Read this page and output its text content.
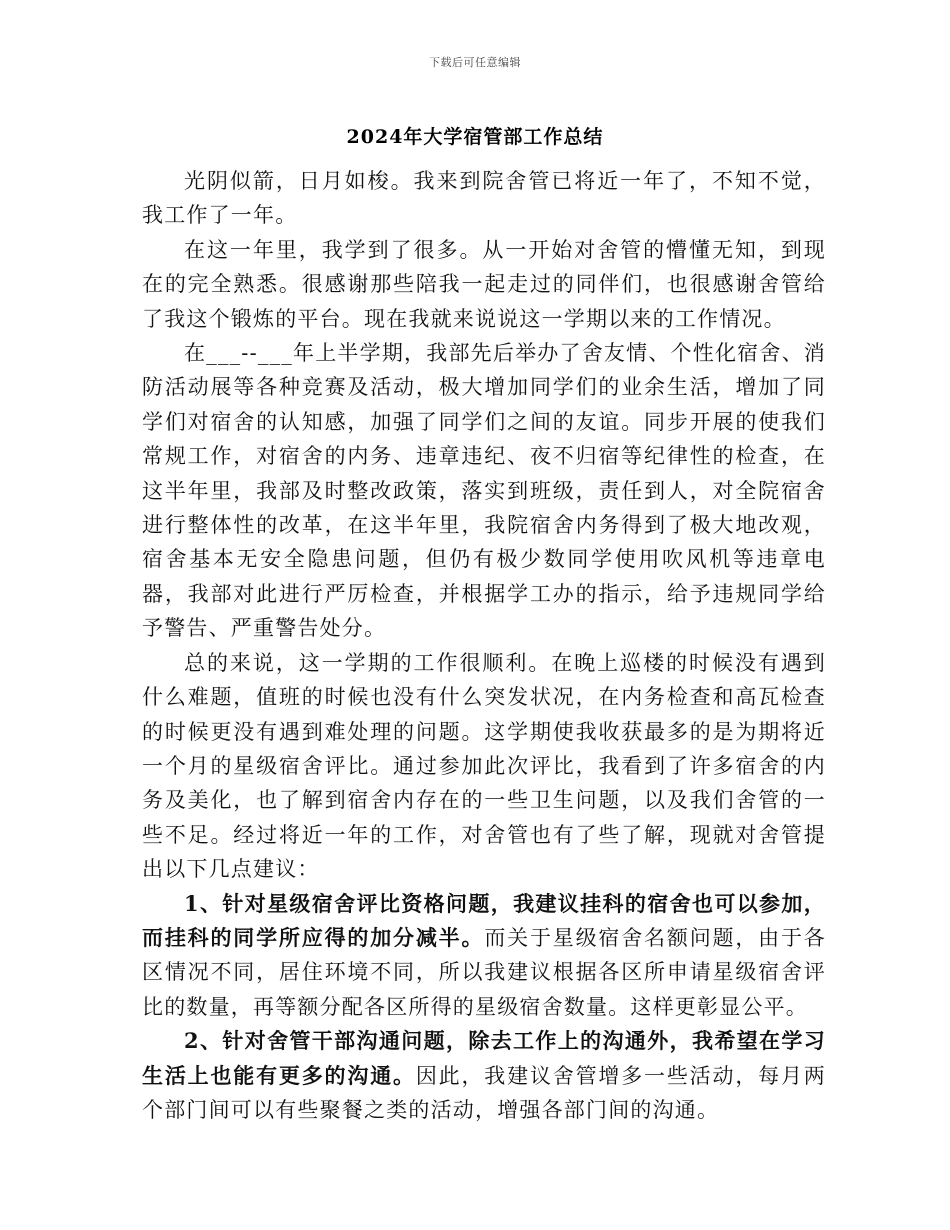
下载后可任意编辑
2024年大学宿管部工作总结

光阴似箭，日月如梭。我来到院舍管已将近一年了，不知不觉，我工作了一年。

在这一年里，我学到了很多。从一开始对舍管的懵懂无知，到现在的完全熟悉。很感谢那些陪我一起走过的同伴们，也很感谢舍管给了我这个锻炼的平台。现在我就来说说这一学期以来的工作情况。

在___--___年上半学期，我部先后举办了舍友情、个性化宿舍、消防活动展等各种竞赛及活动，极大增加同学们的业余生活，增加了同学们对宿舍的认知感，加强了同学们之间的友谊。同步开展的使我们常规工作，对宿舍的内务、违章违纪、夜不归宿等纪律性的检查，在这半年里，我部及时整改政策，落实到班级，责任到人，对全院宿舍进行整体性的改革，在这半年里，我院宿舍内务得到了极大地改观，宿舍基本无安全隐患问题，但仍有极少数同学使用吹风机等违章电器，我部对此进行严厉检查，并根据学工办的指示，给予违规同学给予警告、严重警告处分。

总的来说，这一学期的工作很顺利。在晚上巡楼的时候没有遇到什么难题，值班的时候也没有什么突发状况，在内务检查和高瓦检查的时候更没有遇到难处理的问题。这学期使我收获最多的是为期将近一个月的星级宿舍评比。通过参加此次评比，我看到了许多宿舍的内务及美化，也了解到宿舍内存在的一些卫生问题，以及我们舍管的一些不足。经过将近一年的工作，对舍管也有了些了解，现就对舍管提出以下几点建议：

1、针对星级宿舍评比资格问题，我建议挂科的宿舍也可以参加，而挂科的同学所应得的加分减半。而关于星级宿舍名额问题，由于各区情况不同，居住环境不同，所以我建议根据各区所申请星级宿舍评比的数量，再等额分配各区所得的星级宿舍数量。这样更彰显公平。

2、针对舍管干部沟通问题，除去工作上的沟通外，我希望在学习生活上也能有更多的沟通。因此，我建议舍管增多一些活动，每月两个部门间可以有些聚餐之类的活动，增强各部门间的沟通。
